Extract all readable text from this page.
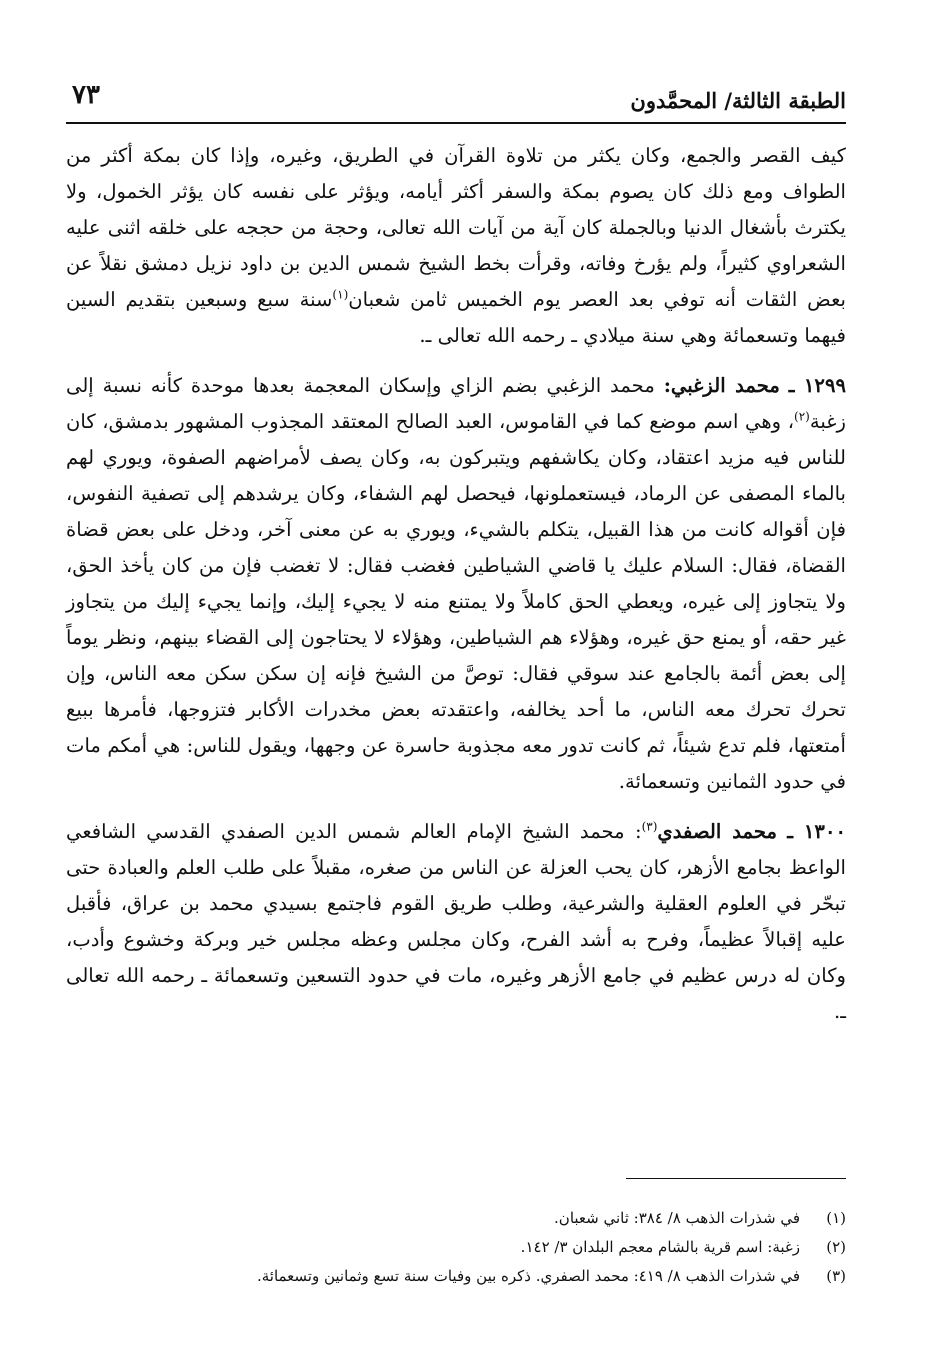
الطبقة الثالثة/ المحمَّدون
٧٣

كيف القصر والجمع، وكان يكثر من تلاوة القرآن في الطريق، وغيره، وإذا كان بمكة أكثر من الطواف ومع ذلك كان يصوم بمكة والسفر أكثر أيامه، ويؤثر على نفسه كان يؤثر الخمول، ولا يكترث بأشغال الدنيا وبالجملة كان آية من آيات الله تعالى، وحجة من حججه على خلقه اثنى عليه الشعراوي كثيراً، ولم يؤرخ وفاته، وقرأت بخط الشيخ شمس الدين بن داود نزيل دمشق نقلاً عن بعض الثقات أنه توفي بعد العصر يوم الخميس ثامن شعبان$^{(١)}$سنة سبع وسبعين بتقديم السين فيهما وتسعمائة وهي سنة ميلادي ـ رحمه الله تعالى ـ.

١٢٩٩ ـ محمد الزغبي: محمد الزغبي بضم الزاي وإسكان المعجمة بعدها موحدة كأنه نسبة إلى زغبة$^{(٢)}$، وهي اسم موضع كما في القاموس، العبد الصالح المعتقد المجذوب المشهور بدمشق، كان للناس فيه مزيد اعتقاد، وكان يكاشفهم ويتبركون به، وكان يصف لأمراضهم الصفوة، ويوري لهم بالماء المصفى عن الرماد، فيستعملونها، فيحصل لهم الشفاء، وكان يرشدهم إلى تصفية النفوس، فإن أقواله كانت من هذا القبيل، يتكلم بالشيء، ويوري به عن معنى آخر، ودخل على بعض قضاة القضاة، فقال: السلام عليك يا قاضي الشياطين فغضب فقال: لا تغضب فإن من كان يأخذ الحق، ولا يتجاوز إلى غيره، ويعطي الحق كاملاً ولا يمتنع منه لا يجيء إليك، وإنما يجيء إليك من يتجاوز غير حقه، أو يمنع حق غيره، وهؤلاء هم الشياطين، وهؤلاء لا يحتاجون إلى القضاء بينهم، ونظر يوماً إلى بعض أئمة بالجامع عند سوقي فقال: توصَّ من الشيخ فإنه إن سكن سكن معه الناس، وإن تحرك تحرك معه الناس، ما أحد يخالفه، واعتقدته بعض مخدرات الأكابر فتزوجها، فأمرها ببيع أمتعتها، فلم تدع شيئاً، ثم كانت تدور معه مجذوبة حاسرة عن وجهها، ويقول للناس: هي أمكم مات في حدود الثمانين وتسعمائة.

١٣٠٠ ـ محمد الصفدي$^{(٣)}$: محمد الشيخ الإمام العالم شمس الدين الصفدي القدسي الشافعي الواعظ بجامع الأزهر، كان يحب العزلة عن الناس من صغره، مقبلاً على طلب العلم والعبادة حتى تبحّر في العلوم العقلية والشرعية، وطلب طريق القوم فاجتمع بسيدي محمد بن عراق، فأقبل عليه إقبالاً عظيماً، وفرح به أشد الفرح، وكان مجلس وعظه مجلس خير وبركة وخشوع وأدب، وكان له درس عظيم في جامع الأزهر وغيره، مات في حدود التسعين وتسعمائة ـ رحمه الله تعالى ـ.

(١)
في شذرات الذهب ٨/ ٣٨٤: ثاني شعبان.
(٢)
زغبة: اسم قرية بالشام معجم البلدان ٣/ ١٤٢.
(٣)
في شذرات الذهب ٨/ ٤١٩: محمد الصفري. ذكره بين وفيات سنة تسع وثمانين وتسعمائة.
